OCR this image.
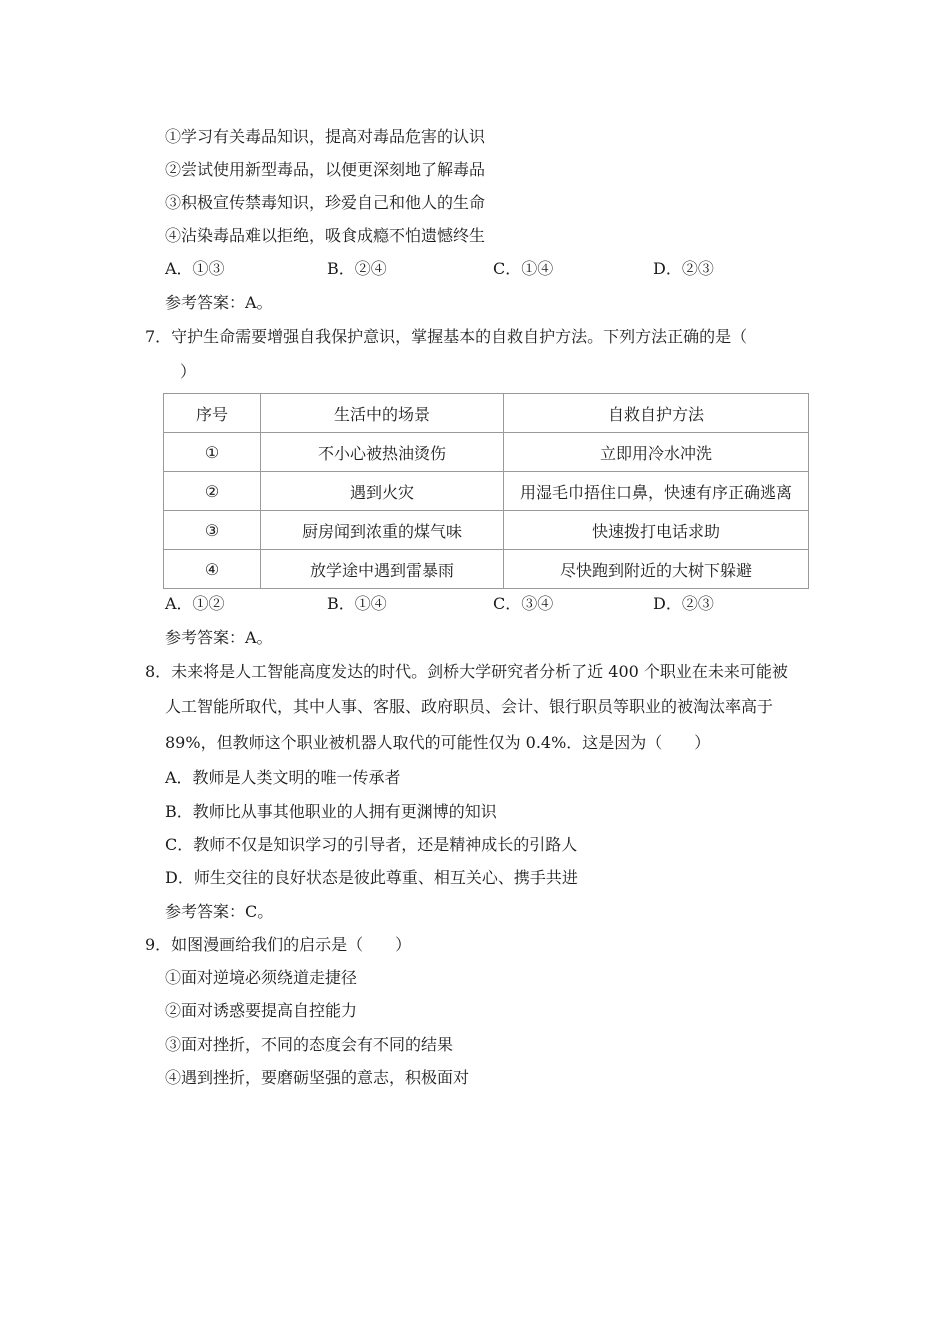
①学习有关毒品知识，提高对毒品危害的认识
②尝试使用新型毒品，以便更深刻地了解毒品
③积极宣传禁毒知识，珍爱自己和他人的生命
④沾染毒品难以拒绝，吸食成瘾不怕遗憾终生
A．①③	B．②④	C．①④	D．②③
参考答案：A。
7．守护生命需要增强自我保护意识，掌握基本的自救自护方法。下列方法正确的是（
）
序号	生活中的场景	自救自护方法
①	不小心被热油烫伤	立即用冷水冲洗
②	遇到火灾	用湿毛巾捂住口鼻，快速有序正确逃离
③	厨房闻到浓重的煤气味	快速拨打电话求助
④	放学途中遇到雷暴雨	尽快跑到附近的大树下躲避
A．①②	B．①④	C．③④	D．②③
参考答案：A。
8．未来将是人工智能高度发达的时代。剑桥大学研究者分析了近 400 个职业在未来可能被
人工智能所取代，其中人事、客服、政府职员、会计、银行职员等职业的被淘汰率高于
89%，但教师这个职业被机器人取代的可能性仅为 0.4%．这是因为（　　）
A．教师是人类文明的唯一传承者
B．教师比从事其他职业的人拥有更渊博的知识
C．教师不仅是知识学习的引导者，还是精神成长的引路人
D．师生交往的良好状态是彼此尊重、相互关心、携手共进
参考答案：C。
9．如图漫画给我们的启示是（　　）
①面对逆境必须绕道走捷径
②面对诱惑要提高自控能力
③面对挫折，不同的态度会有不同的结果
④遇到挫折，要磨砺坚强的意志，积极面对
